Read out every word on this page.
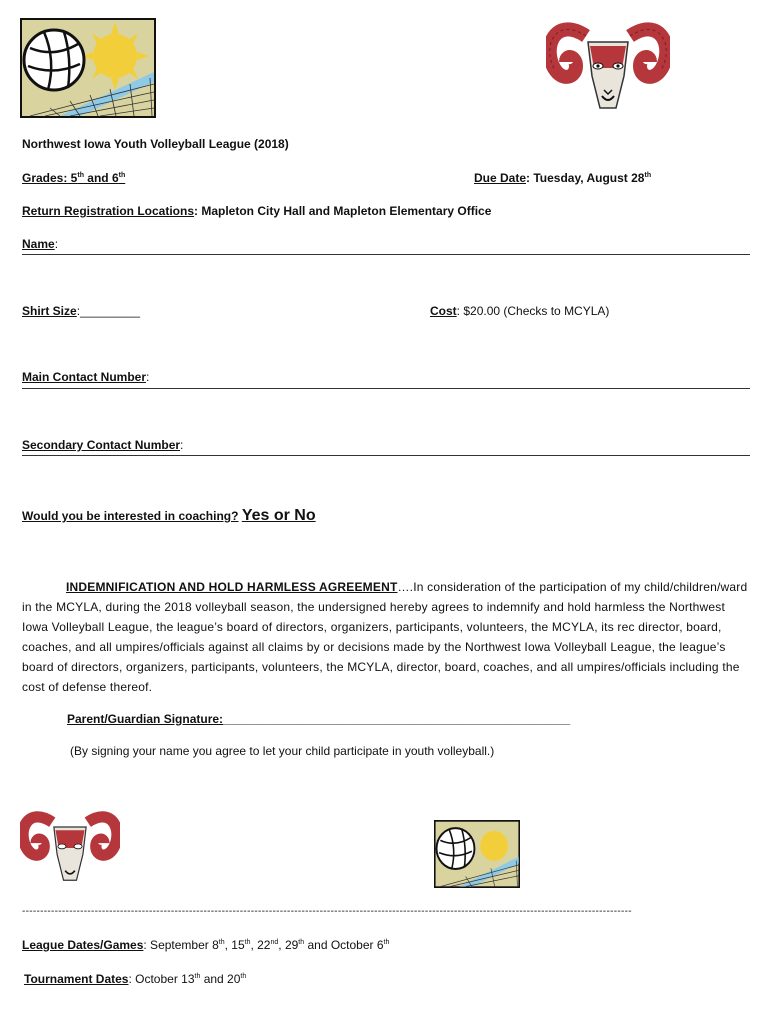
Northwest Iowa Youth Volleyball League (2018)
Grades: 5th and 6th	Due Date: Tuesday, August 28th
Return Registration Locations: Mapleton City Hall and Mapleton Elementary Office
Name:
Shirt Size:_________	Cost: $20.00 (Checks to MCYLA)
Main Contact Number:
Secondary Contact Number:
Would you be interested in coaching? Yes or No
INDEMNIFICATION AND HOLD HARMLESS AGREEMENT….In consideration of the participation of my child/children/ward in the MCYLA, during the 2018 volleyball season, the undersigned hereby agrees to indemnify and hold harmless the Northwest Iowa Volleyball League, the league’s board of directors, organizers, participants, volunteers, the MCYLA, its rec director, board, coaches, and all umpires/officials against all claims by or decisions made by the Northwest Iowa Volleyball League, the league’s board of directors, organizers, participants, volunteers, the MCYLA, director, board, coaches, and all umpires/officials including the cost of defense thereof.
Parent/Guardian Signature:____________________________________________________
(By signing your name you agree to let your child participate in youth volleyball.)
------------------------------------------------------------------------------------------------------------------------------------------------------------------------
League Dates/Games: September 8th, 15th, 22nd, 29th and October 6th
Tournament Dates: October 13th and 20th
